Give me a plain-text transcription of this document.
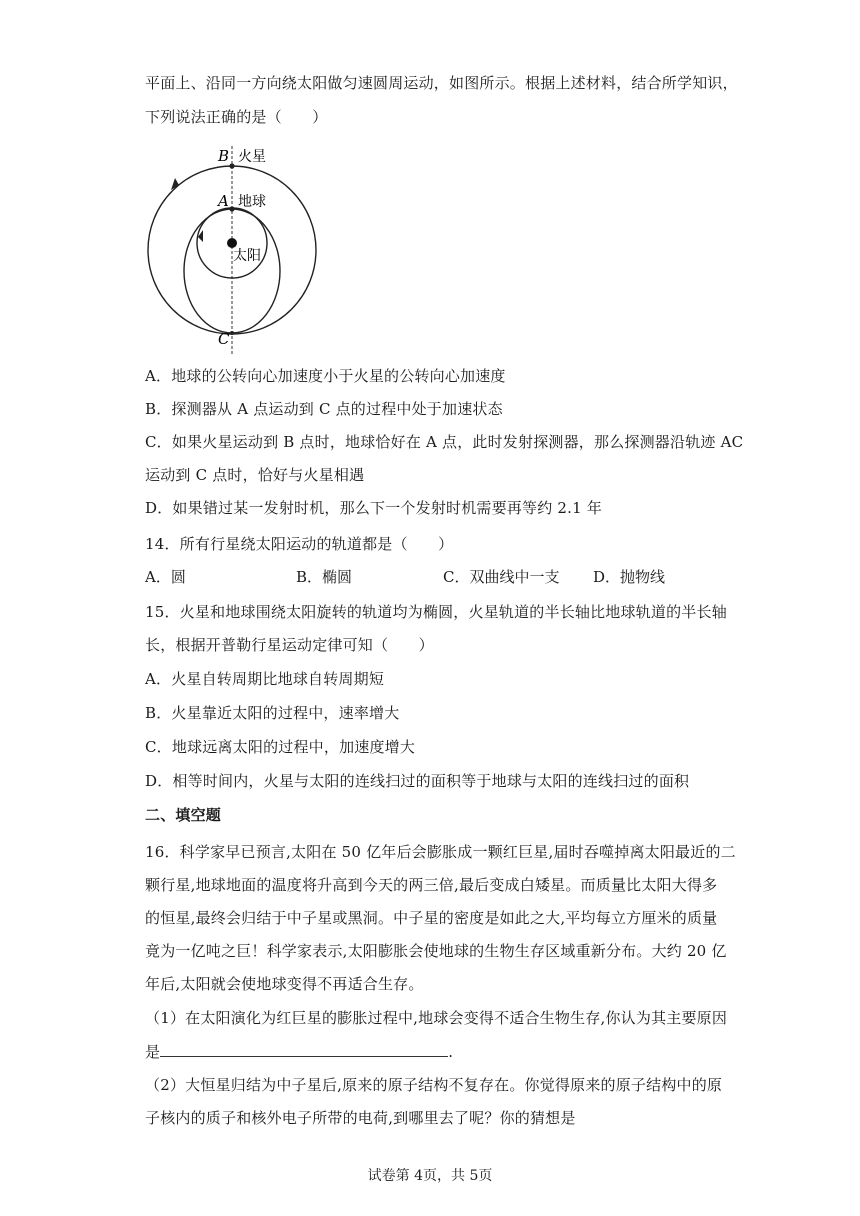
平面上、沿同一方向绕太阳做匀速圆周运动，如图所示。根据上述材料，结合所学知识，
下列说法正确的是（　　）
B 火星
A 地球
太阳
C
A．地球的公转向心加速度小于火星的公转向心加速度
B．探测器从 A 点运动到 C 点的过程中处于加速状态
C．如果火星运动到 B 点时，地球恰好在 A 点，此时发射探测器，那么探测器沿轨迹 AC
运动到 C 点时，恰好与火星相遇
D．如果错过某一发射时机，那么下一个发射时机需要再等约 2.1 年
14．所有行星绕太阳运动的轨道都是（　　）
A．圆	B．椭圆	C．双曲线中一支 D．抛物线
15．火星和地球围绕太阳旋转的轨道均为椭圆，火星轨道的半长轴比地球轨道的半长轴
长，根据开普勒行星运动定律可知（　　）
A．火星自转周期比地球自转周期短
B．火星靠近太阳的过程中，速率增大
C．地球远离太阳的过程中，加速度增大
D．相等时间内，火星与太阳的连线扫过的面积等于地球与太阳的连线扫过的面积
二、填空题
16．科学家早已预言,太阳在 50 亿年后会膨胀成一颗红巨星,届时吞噬掉离太阳最近的二
颗行星,地球地面的温度将升高到今天的两三倍,最后变成白矮星。而质量比太阳大得多
的恒星,最终会归结于中子星或黑洞。中子星的密度是如此之大,平均每立方厘米的质量
竟为一亿吨之巨！科学家表示,太阳膨胀会使地球的生物生存区域重新分布。大约 20 亿
年后,太阳就会使地球变得不再适合生存。
（1）在太阳演化为红巨星的膨胀过程中,地球会变得不适合生物生存,你认为其主要原因
是	.
（2）大恒星归结为中子星后,原来的原子结构不复存在。你觉得原来的原子结构中的原
子核内的质子和核外电子所带的电荷,到哪里去了呢？你的猜想是
试卷第 4页，共 5页
